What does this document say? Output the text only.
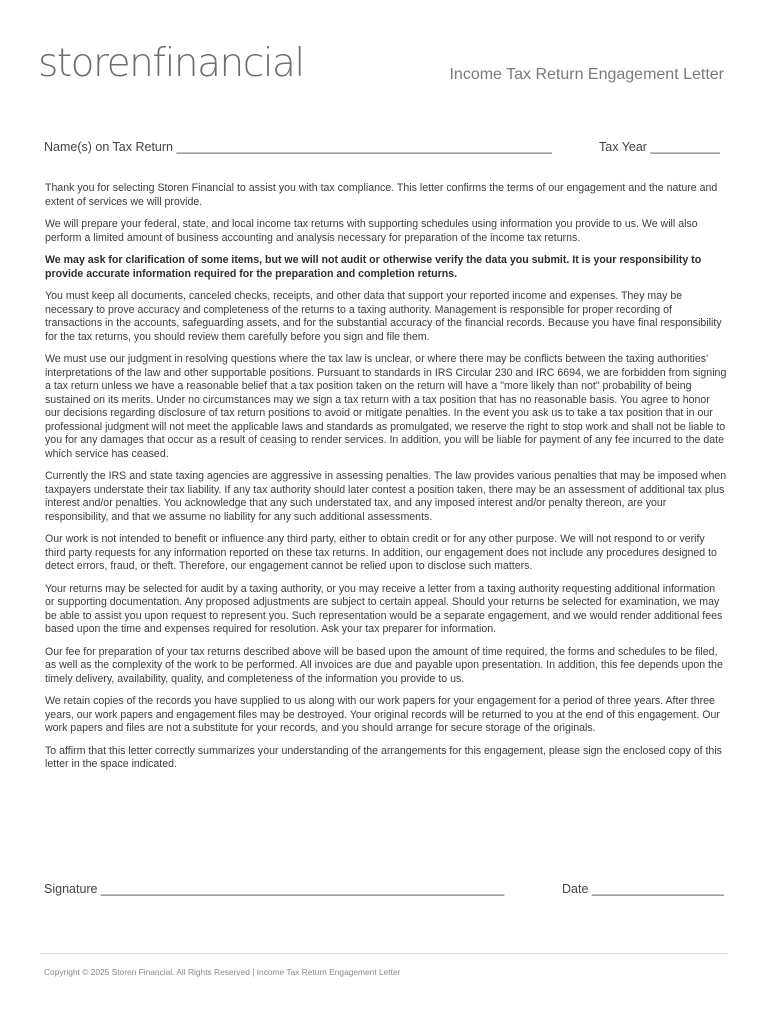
storenfinancial	Income Tax Return Engagement Letter
Name(s) on Tax Return ______________________________________________________	Tax Year __________

Thank you for selecting Storen Financial to assist you with tax compliance. This letter confirms the terms of our engagement and the nature and extent of services we will provide.

We will prepare your federal, state, and local income tax returns with supporting schedules using information you provide to us. We will also perform a limited amount of business accounting and analysis necessary for preparation of the income tax returns.

We may ask for clarification of some items, but we will not audit or otherwise verify the data you submit. It is your responsibility to provide accurate information required for the preparation and completion returns.

You must keep all documents, canceled checks, receipts, and other data that support your reported income and expenses. They may be necessary to prove accuracy and completeness of the returns to a taxing authority. Management is responsible for proper recording of transactions in the accounts, safeguarding assets, and for the substantial accuracy of the financial records. Because you have final responsibility for the tax returns, you should review them carefully before you sign and file them.

We must use our judgment in resolving questions where the tax law is unclear, or where there may be conflicts between the taxing authorities' interpretations of the law and other supportable positions. Pursuant to standards in IRS Circular 230 and IRC 6694, we are forbidden from signing a tax return unless we have a reasonable belief that a tax position taken on the return will have a "more likely than not" probability of being sustained on its merits. Under no circumstances may we sign a tax return with a tax position that has no reasonable basis. You agree to honor our decisions regarding disclosure of tax return positions to avoid or mitigate penalties. In the event you ask us to take a tax position that in our professional judgment will not meet the applicable laws and standards as promulgated, we reserve the right to stop work and shall not be liable to you for any damages that occur as a result of ceasing to render services. In addition, you will be liable for payment of any fee incurred to the date which service has ceased.

Currently the IRS and state taxing agencies are aggressive in assessing penalties. The law provides various penalties that may be imposed when taxpayers understate their tax liability. If any tax authority should later contest a position taken, there may be an assessment of additional tax plus interest and/or penalties. You acknowledge that any such understated tax, and any imposed interest and/or penalty thereon, are your responsibility, and that we assume no liability for any such additional assessments.

Our work is not intended to benefit or influence any third party, either to obtain credit or for any other purpose. We will not respond to or verify third party requests for any information reported on these tax returns. In addition, our engagement does not include any procedures designed to detect errors, fraud, or theft. Therefore, our engagement cannot be relied upon to disclose such matters.

Your returns may be selected for audit by a taxing authority, or you may receive a letter from a taxing authority requesting additional information or supporting documentation. Any proposed adjustments are subject to certain appeal. Should your returns be selected for examination, we may be able to assist you upon request to represent you. Such representation would be a separate engagement, and we would render additional fees based upon the time and expenses required for resolution. Ask your tax preparer for information.

Our fee for preparation of your tax returns described above will be based upon the amount of time required, the forms and schedules to be filed, as well as the complexity of the work to be performed. All invoices are due and payable upon presentation. In addition, this fee depends upon the timely delivery, availability, quality, and completeness of the information you provide to us.

We retain copies of the records you have supplied to us along with our work papers for your engagement for a period of three years. After three years, our work papers and engagement files may be destroyed. Your original records will be returned to you at the end of this engagement. Our work papers and files are not a substitute for your records, and you should arrange for secure storage of the originals.

To affirm that this letter correctly summarizes your understanding of the arrangements for this engagement, please sign the enclosed copy of this letter in the space indicated.

Signature __________________________________________________________	Date ___________________
Copyright © 2025 Storen Financial. All Rights Reserved | Income Tax Return Engagement Letter
